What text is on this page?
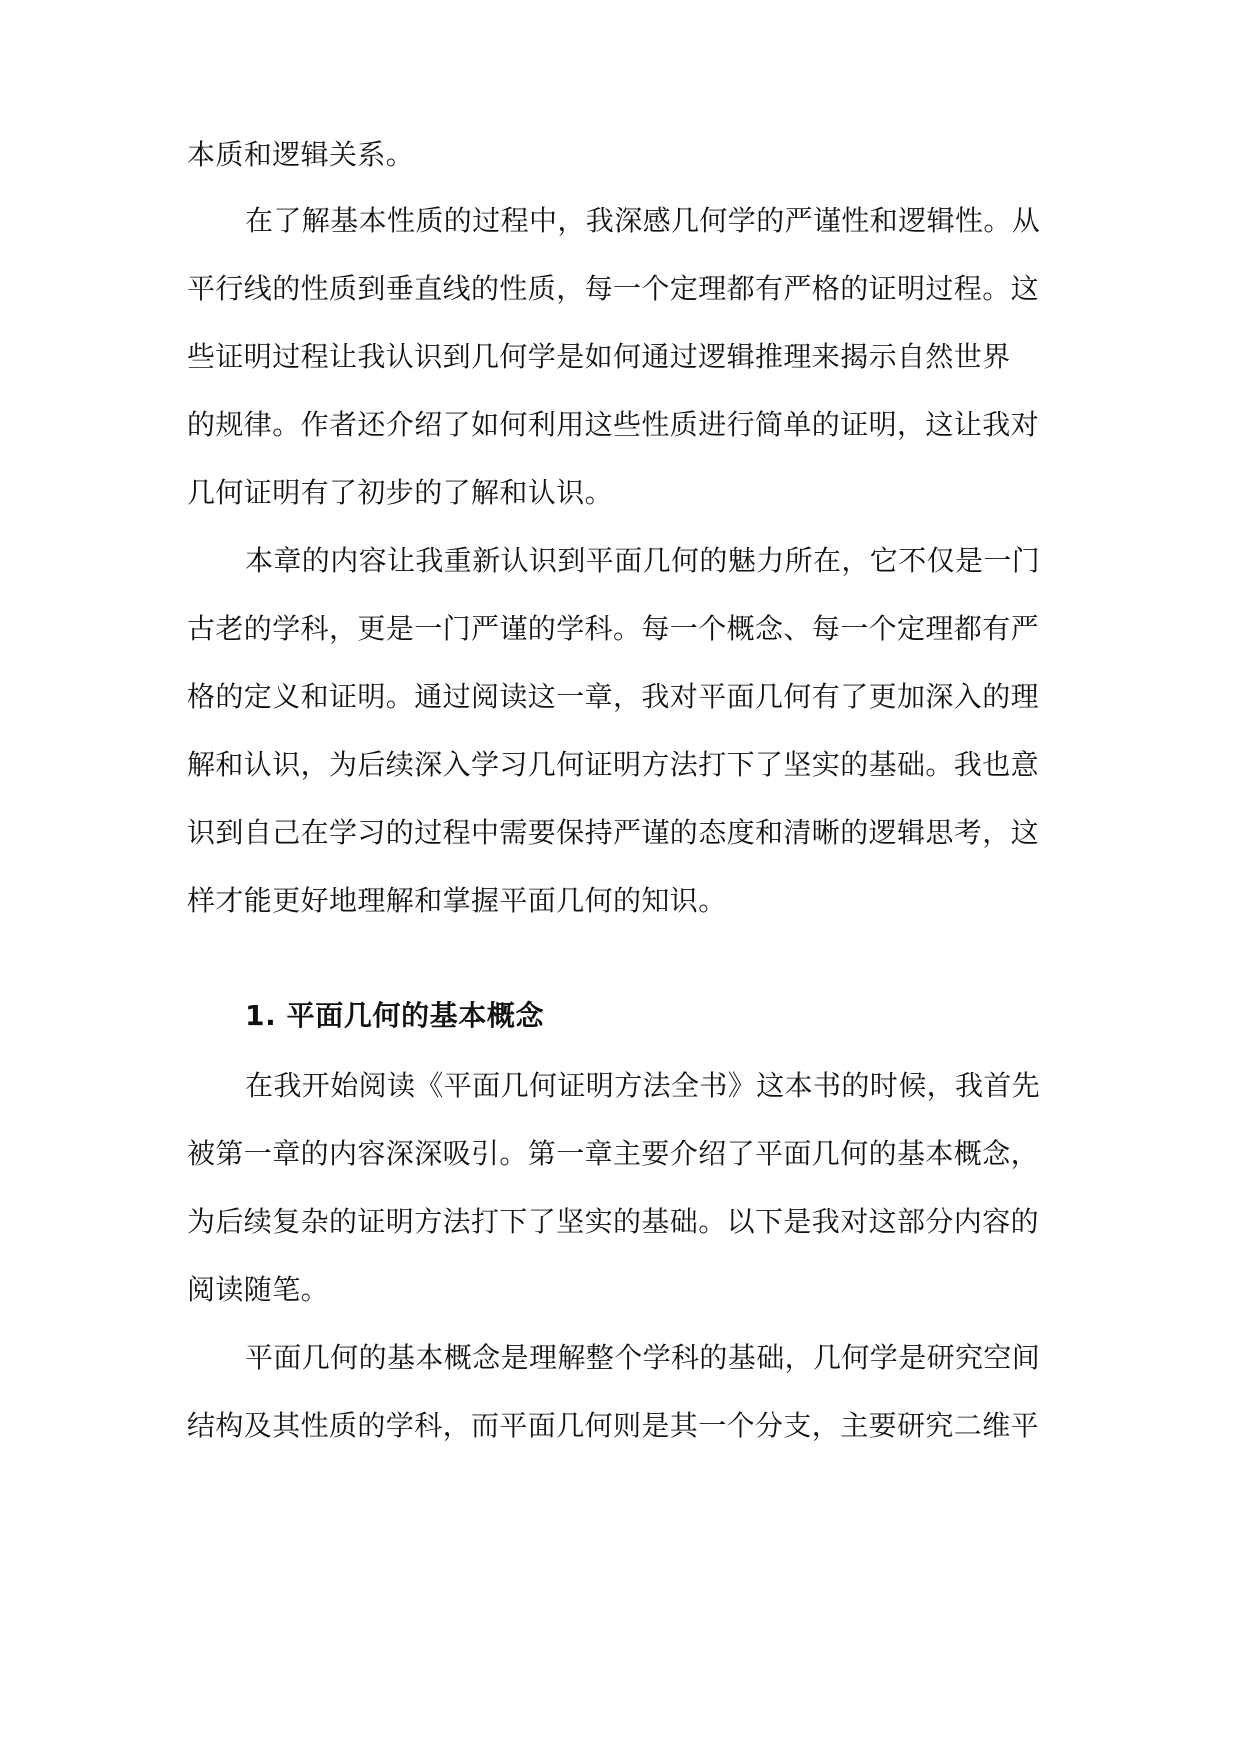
本质和逻辑关系。
在了解基本性质的过程中，我深感几何学的严谨性和逻辑性。从
平行线的性质到垂直线的性质，每一个定理都有严格的证明过程。这
些证明过程让我认识到几何学是如何通过逻辑推理来揭示自然世界
的规律。作者还介绍了如何利用这些性质进行简单的证明，这让我对
几何证明有了初步的了解和认识。
本章的内容让我重新认识到平面几何的魅力所在，它不仅是一门
古老的学科，更是一门严谨的学科。每一个概念、每一个定理都有严
格的定义和证明。通过阅读这一章，我对平面几何有了更加深入的理
解和认识，为后续深入学习几何证明方法打下了坚实的基础。我也意
识到自己在学习的过程中需要保持严谨的态度和清晰的逻辑思考，这
样才能更好地理解和掌握平面几何的知识。
1. 平面几何的基本概念
在我开始阅读《平面几何证明方法全书》这本书的时候，我首先
被第一章的内容深深吸引。第一章主要介绍了平面几何的基本概念，
为后续复杂的证明方法打下了坚实的基础。以下是我对这部分内容的
阅读随笔。
平面几何的基本概念是理解整个学科的基础，几何学是研究空间
结构及其性质的学科，而平面几何则是其一个分支，主要研究二维平
